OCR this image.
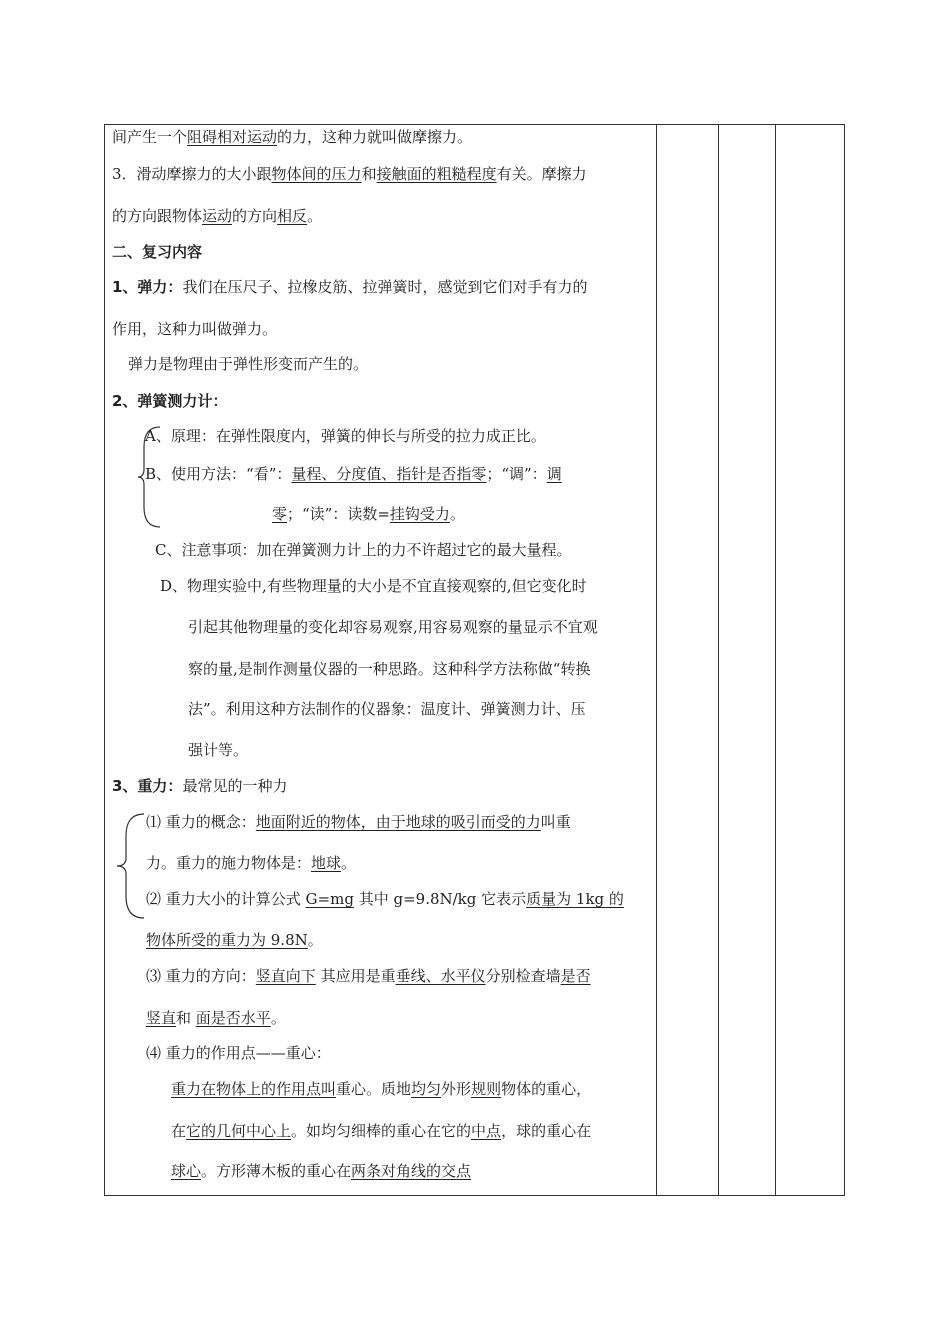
间产生一个阻碍相对运动的力，这种力就叫做摩擦力。
3．滑动摩擦力的大小跟物体间的压力和接触面的粗糙程度有关。摩擦力
的方向跟物体运动的方向相反。
二、复习内容
1、弹力：我们在压尺子、拉橡皮筋、拉弹簧时，感觉到它们对手有力的
作用，这种力叫做弹力。
弹力是物理由于弹性形变而产生的。
2、弹簧测力计：
A、原理：在弹性限度内，弹簧的伸长与所受的拉力成正比。
B、使用方法：“看”：量程、分度值、指针是否指零；“调”：调
零；“读”：读数=挂钩受力。
C、注意事项：加在弹簧测力计上的力不许超过它的最大量程。
D、物理实验中,有些物理量的大小是不宜直接观察的,但它变化时
引起其他物理量的变化却容易观察,用容易观察的量显示不宜观
察的量,是制作测量仪器的一种思路。这种科学方法称做“转换
法”。利用这种方法制作的仪器象：温度计、弹簧测力计、压
强计等。
3、重力：最常见的一种力
⑴ 重力的概念：地面附近的物体，由于地球的吸引而受的力叫重
力。重力的施力物体是：地球。
⑵ 重力大小的计算公式 G=mg 其中 g=9.8N/kg 它表示质量为 1kg 的
物体所受的重力为 9.8N。
⑶ 重力的方向：竖直向下 其应用是重垂线、水平仪分别检查墙是否
竖直和 面是否水平。
⑷ 重力的作用点——重心：
重力在物体上的作用点叫重心。质地均匀外形规则物体的重心，
在它的几何中心上。如均匀细棒的重心在它的中点，球的重心在
球心。方形薄木板的重心在两条对角线的交点
